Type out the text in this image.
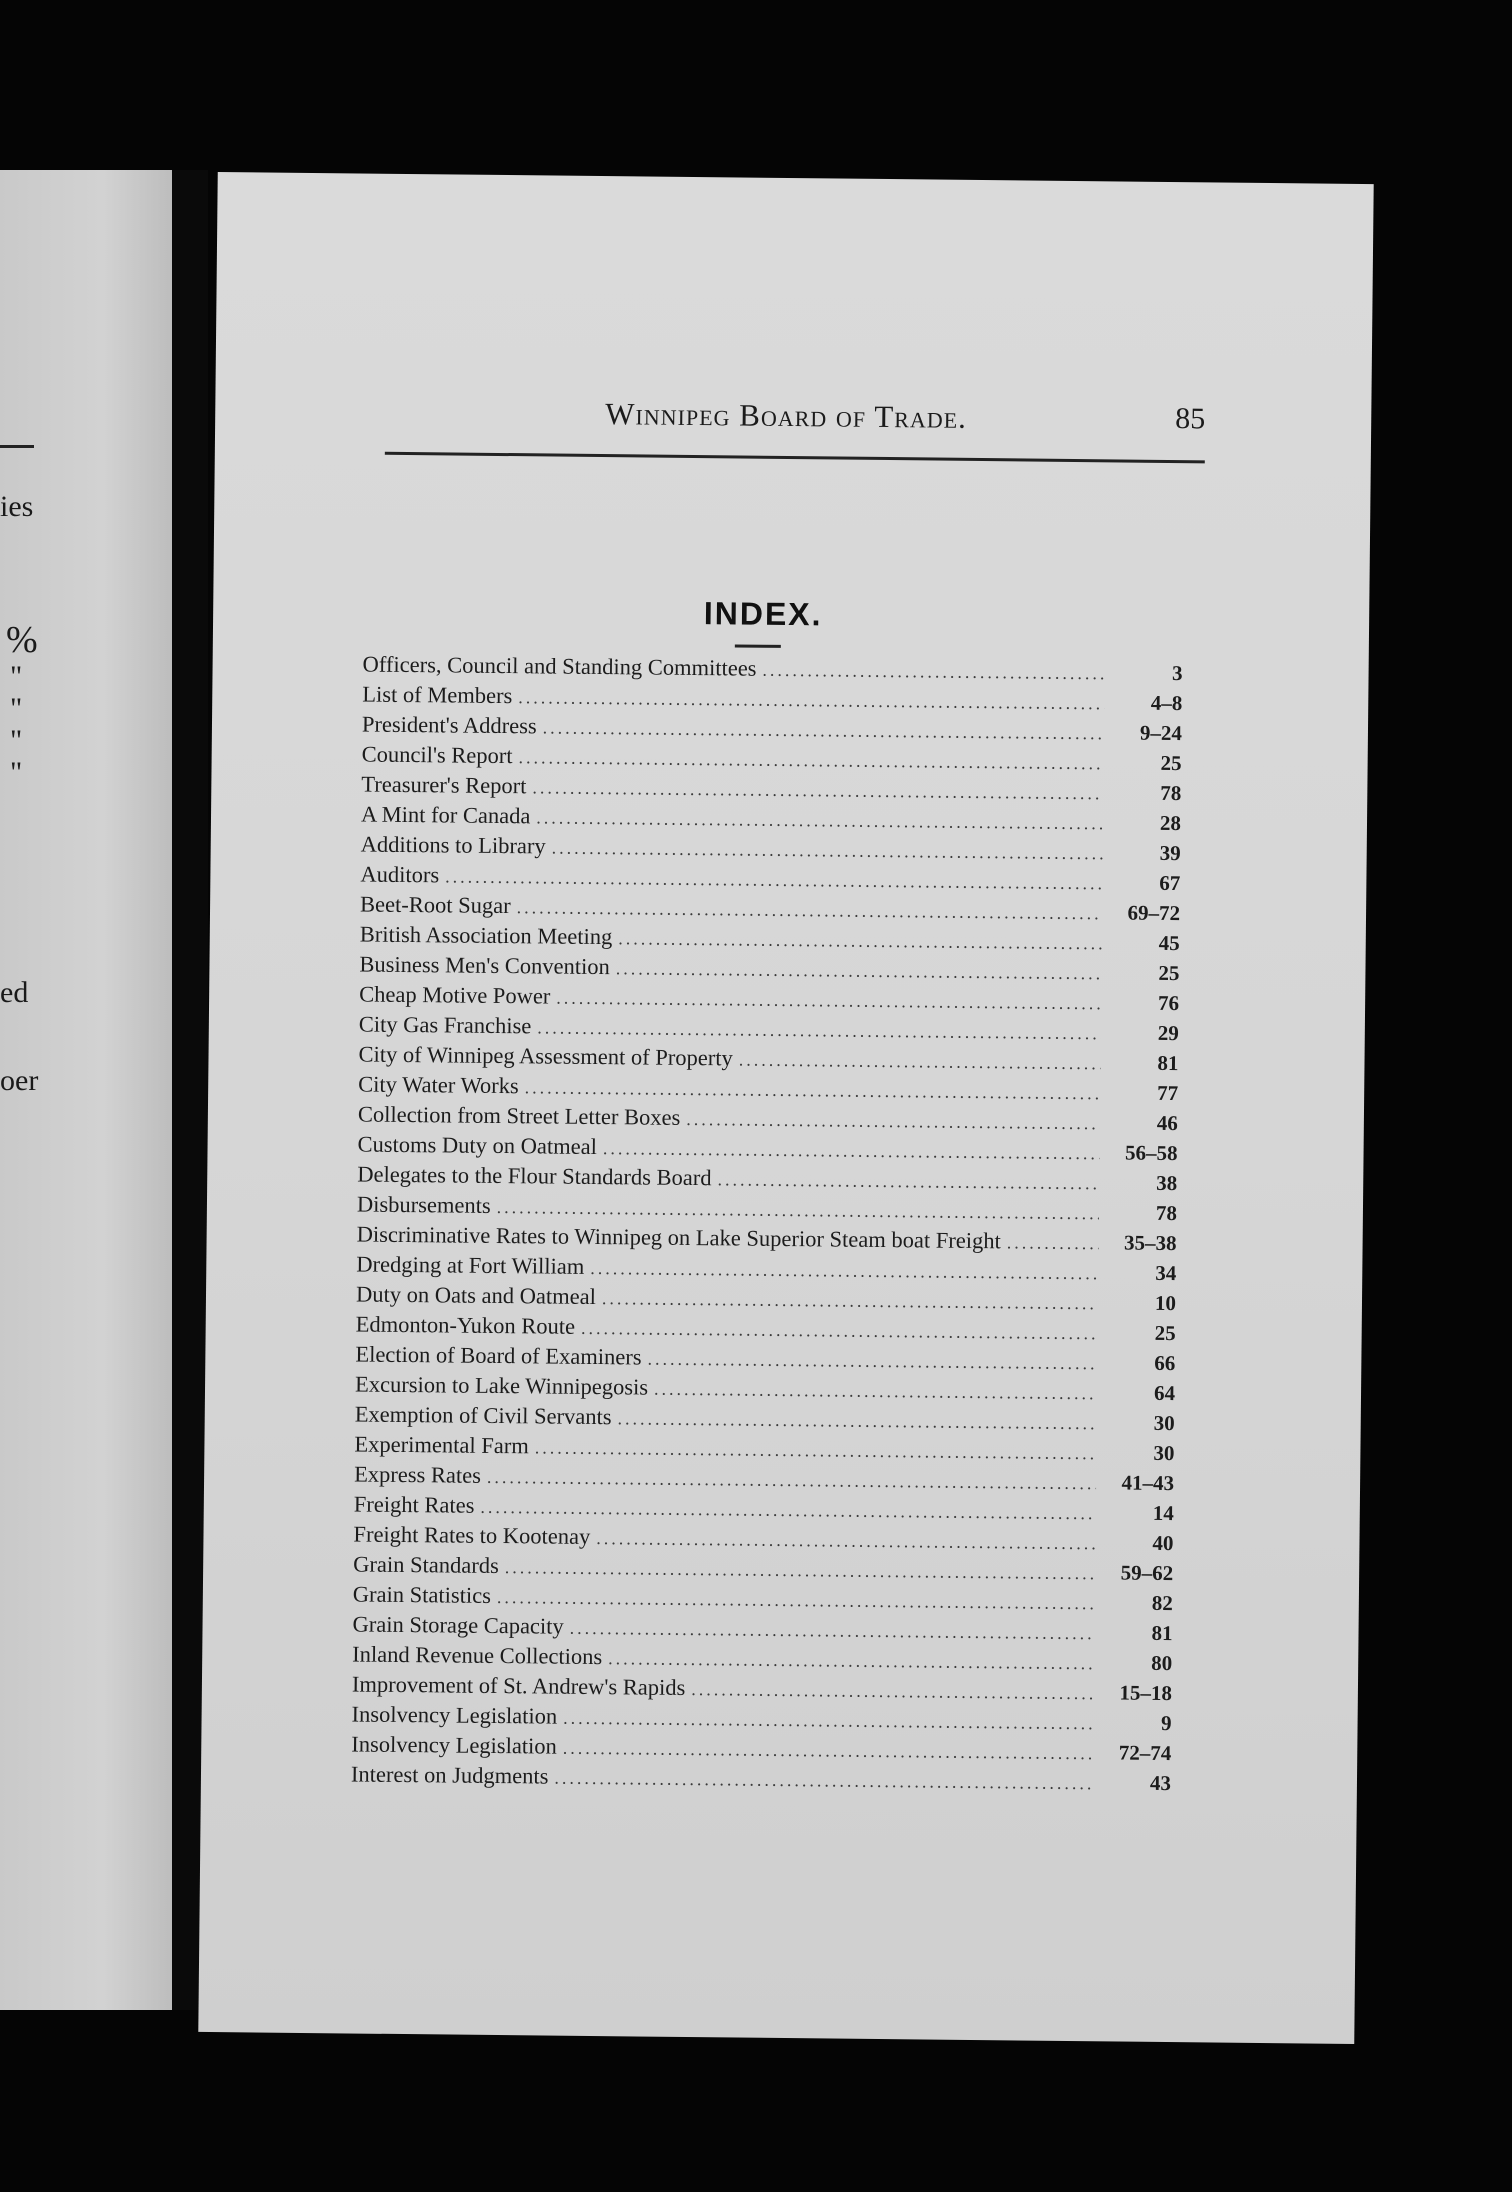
ies
%
"
"
"
"
ed
oer
Winnipeg Board of Trade.	85
INDEX.
Officers, Council and Standing Committees .....	3
List of Members .....	4–8
President's Address .....	9–24
Council's Report .....	25
Treasurer's Report .....	78
A Mint for Canada .....	28
Additions to Library .....	39
Auditors .....	67
Beet-Root Sugar .....	69–72
British Association Meeting .....	45
Business Men's Convention .....	25
Cheap Motive Power .....	76
City Gas Franchise .....	29
City of Winnipeg Assessment of Property .....	81
City Water Works .....	77
Collection from Street Letter Boxes .....	46
Customs Duty on Oatmeal .....	56–58
Delegates to the Flour Standards Board .....	38
Disbursements .....	78
Discriminative Rates to Winnipeg on Lake Superior Steam boat Freight .....	35–38
Dredging at Fort William .....	34
Duty on Oats and Oatmeal .....	10
Edmonton-Yukon Route .....	25
Election of Board of Examiners .....	66
Excursion to Lake Winnipegosis .....	64
Exemption of Civil Servants .....	30
Experimental Farm .....	30
Express Rates .....	41–43
Freight Rates .....	14
Freight Rates to Kootenay .....	40
Grain Standards .....	59–62
Grain Statistics .....	82
Grain Storage Capacity .....	81
Inland Revenue Collections .....	80
Improvement of St. Andrew's Rapids .....	15–18
Insolvency Legislation .....	9
Insolvency Legislation .....	72–74
Interest on Judgments .....	43
